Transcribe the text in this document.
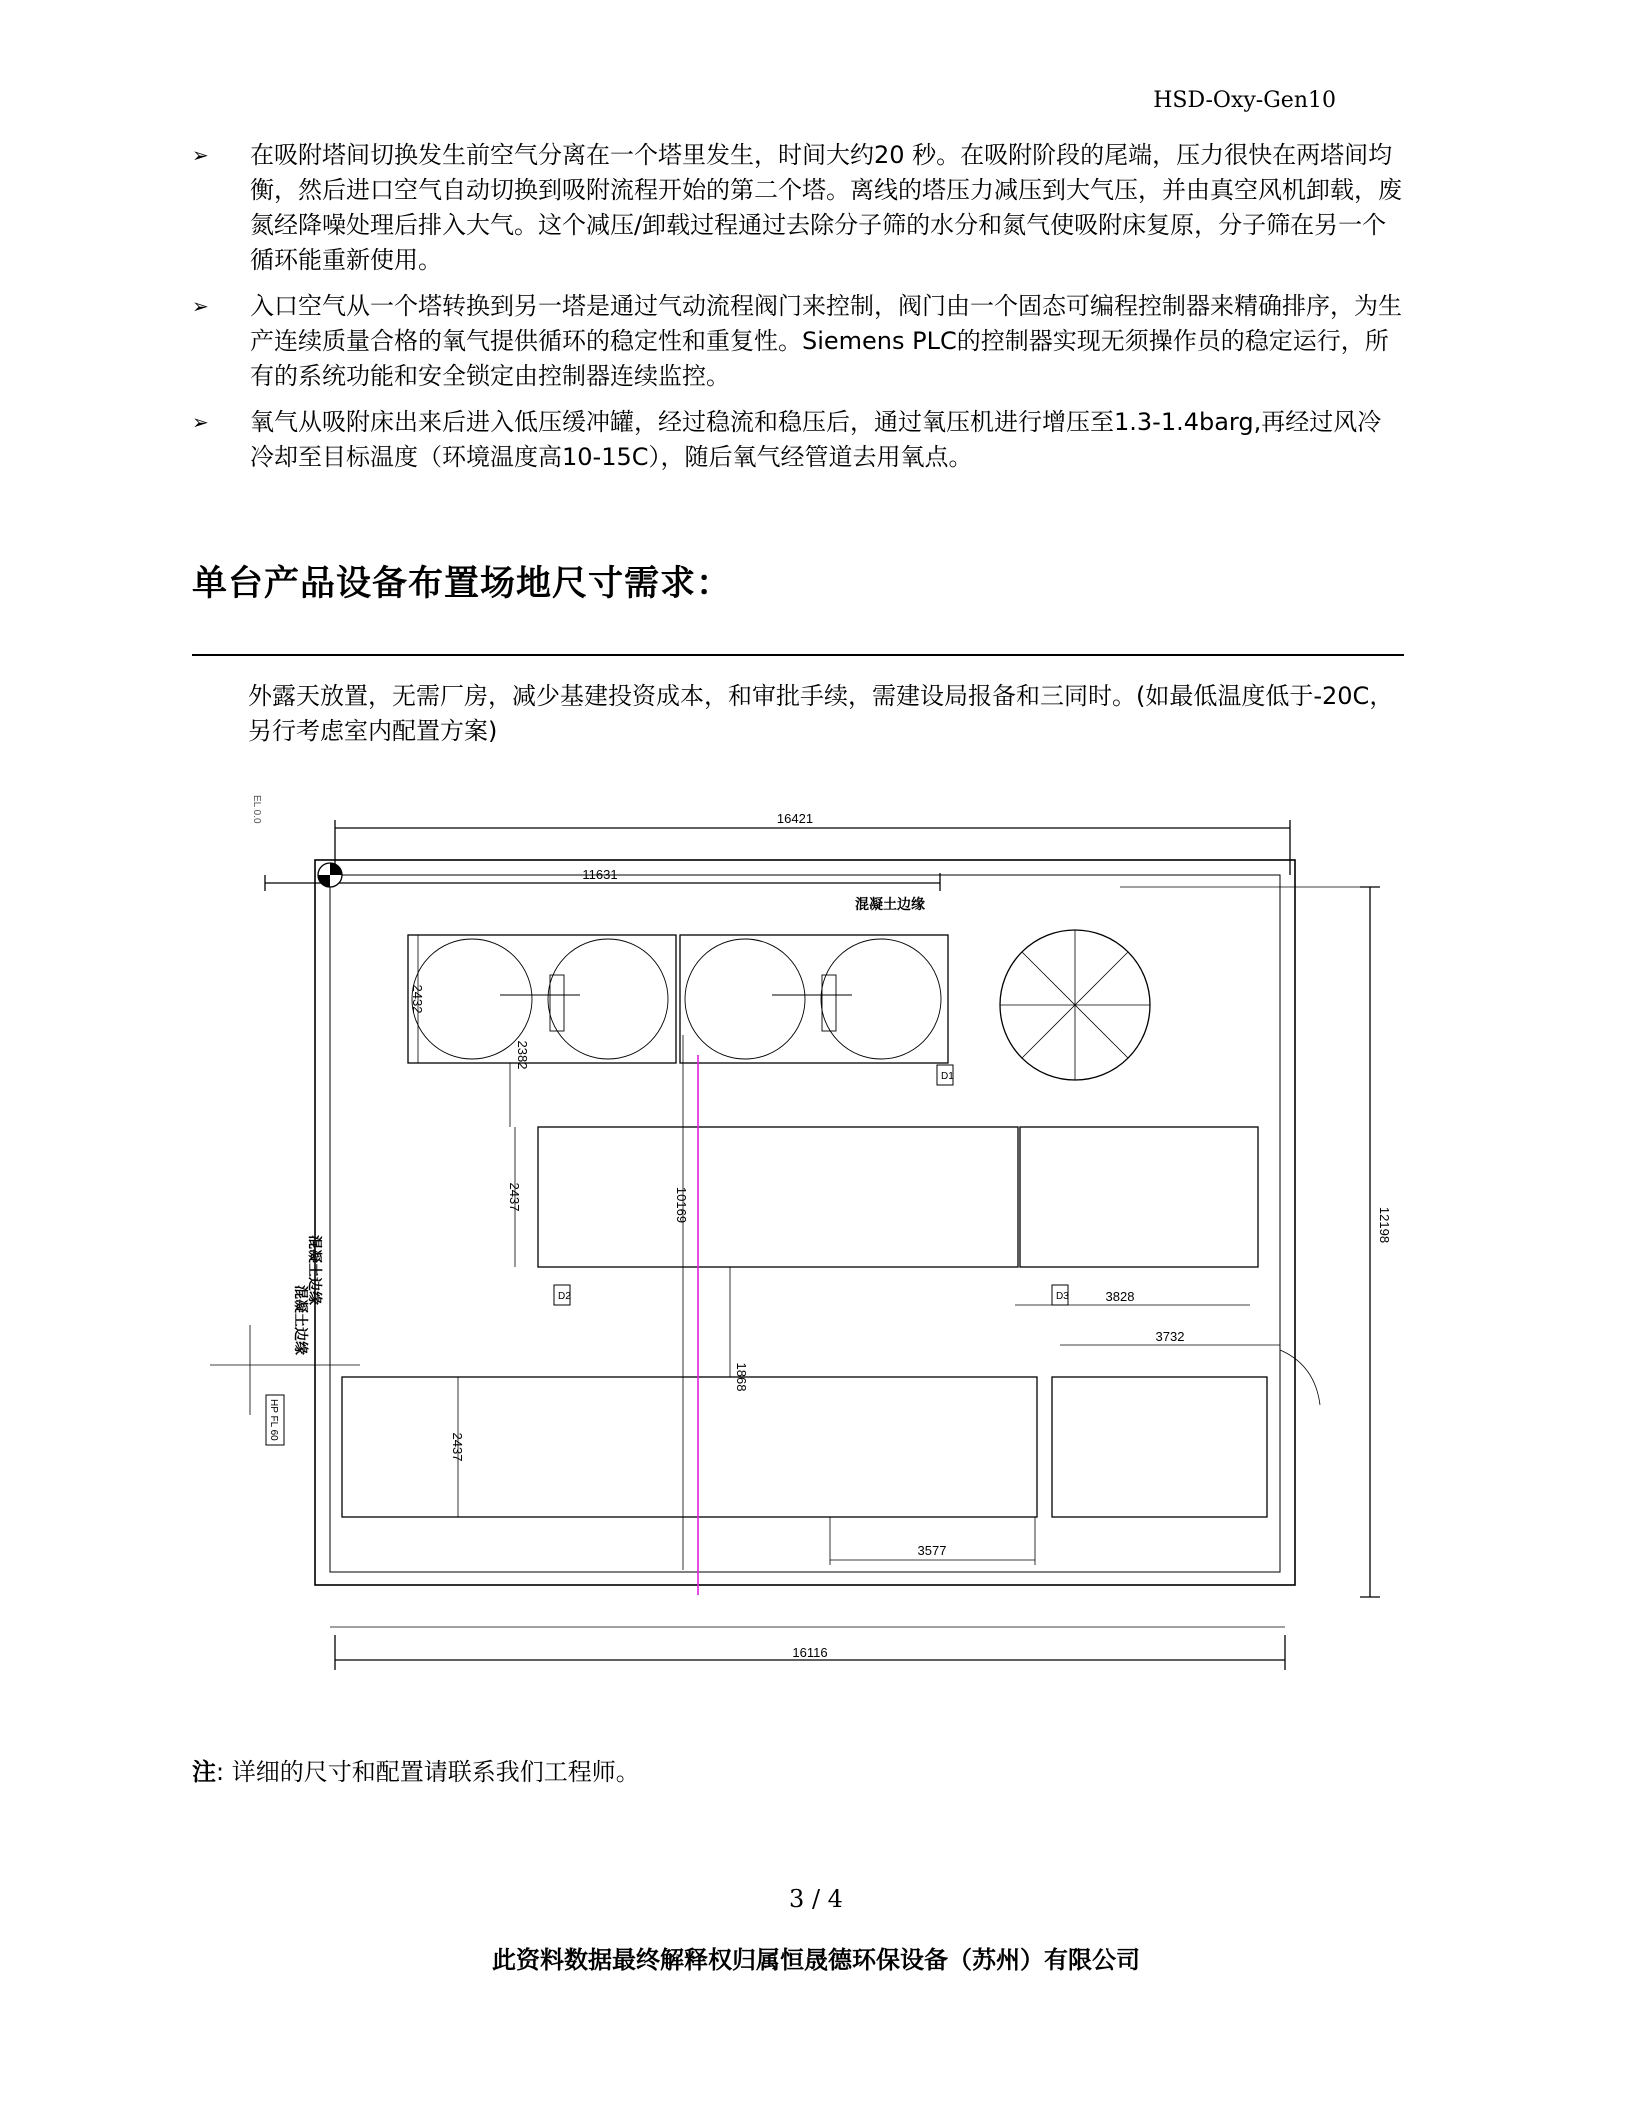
HSD-Oxy-Gen10
➢ 在吸附塔间切换发生前空气分离在一个塔里发生，时间大约20 秒。在吸附阶段的尾端，压力很快在两塔间均衡，然后进口空气自动切换到吸附流程开始的第二个塔。离线的塔压力减压到大气压，并由真空风机卸载，废氮经降噪处理后排入大气。这个减压/卸载过程通过去除分子筛的水分和氮气使吸附床复原，分子筛在另一个循环能重新使用。
➢ 入口空气从一个塔转换到另一塔是通过气动流程阀门来控制，阀门由一个固态可编程控制器来精确排序，为生产连续质量合格的氧气提供循环的稳定性和重复性。Siemens PLC的控制器实现无须操作员的稳定运行，所有的系统功能和安全锁定由控制器连续监控。
➢ 氧气从吸附床出来后进入低压缓冲罐，经过稳流和稳压后，通过氧压机进行增压至1.3-1.4barg,再经过风冷冷却至目标温度（环境温度高10-15C），随后氧气经管道去用氧点。
单台产品设备布置场地尺寸需求：
外露天放置，无需厂房，减少基建投资成本，和审批手续，需建设局报备和三同时。(如最低温度低于-20C，另行考虑室内配置方案)
EL 0.0	16421
11631
16116
12198
10169
2432
2382
2437
1868
2437
3828
3732
3577
混凝土边缘
混凝土边缘
混凝土边缘
D1
D2	D3
HP FL 60
注: 详细的尺寸和配置请联系我们工程师。
3 / 4
此资料数据最终解释权归属恒晟德环保设备（苏州）有限公司
